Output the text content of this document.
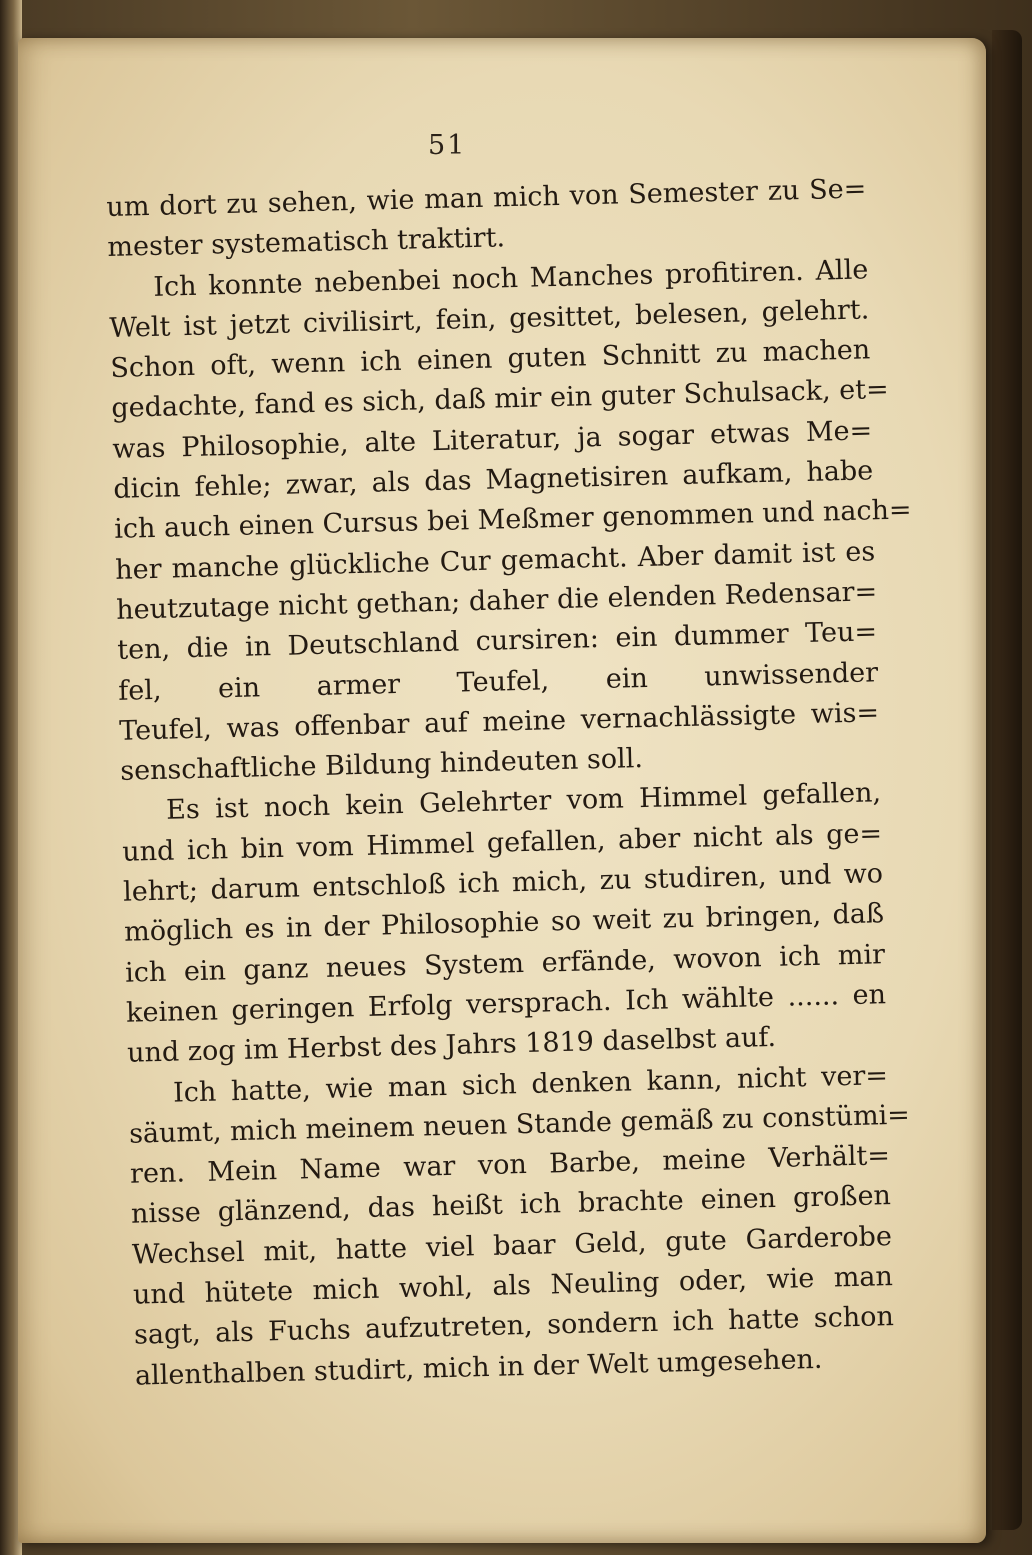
51
um dort zu sehen, wie man mich von Semester zu Se=
mester systematisch traktirt.
Ich konnte nebenbei noch Manches profitiren. Alle
Welt ist jetzt civilisirt, fein, gesittet, belesen, gelehrt.
Schon oft, wenn ich einen guten Schnitt zu machen
gedachte, fand es sich, daß mir ein guter Schulsack, et=
was Philosophie, alte Literatur, ja sogar etwas Me=
dicin fehle; zwar, als das Magnetisiren aufkam, habe
ich auch einen Cursus bei Meßmer genommen und nach=
her manche glückliche Cur gemacht. Aber damit ist es
heutzutage nicht gethan; daher die elenden Redensar=
ten, die in Deutschland cursiren: ein dummer Teu=
fel, ein armer Teufel, ein unwissender
Teufel, was offenbar auf meine vernachlässigte wis=
senschaftliche Bildung hindeuten soll.
Es ist noch kein Gelehrter vom Himmel gefallen,
und ich bin vom Himmel gefallen, aber nicht als ge=
lehrt; darum entschloß ich mich, zu studiren, und wo
möglich es in der Philosophie so weit zu bringen, daß
ich ein ganz neues System erfände, wovon ich mir
keinen geringen Erfolg versprach. Ich wählte ...... en
und zog im Herbst des Jahrs 1819 daselbst auf.
Ich hatte, wie man sich denken kann, nicht ver=
säumt, mich meinem neuen Stande gemäß zu constümi=
ren. Mein Name war von Barbe, meine Verhält=
nisse glänzend, das heißt ich brachte einen großen
Wechsel mit, hatte viel baar Geld, gute Garderobe
und hütete mich wohl, als Neuling oder, wie man
sagt, als Fuchs aufzutreten, sondern ich hatte schon
allenthalben studirt, mich in der Welt umgesehen.
